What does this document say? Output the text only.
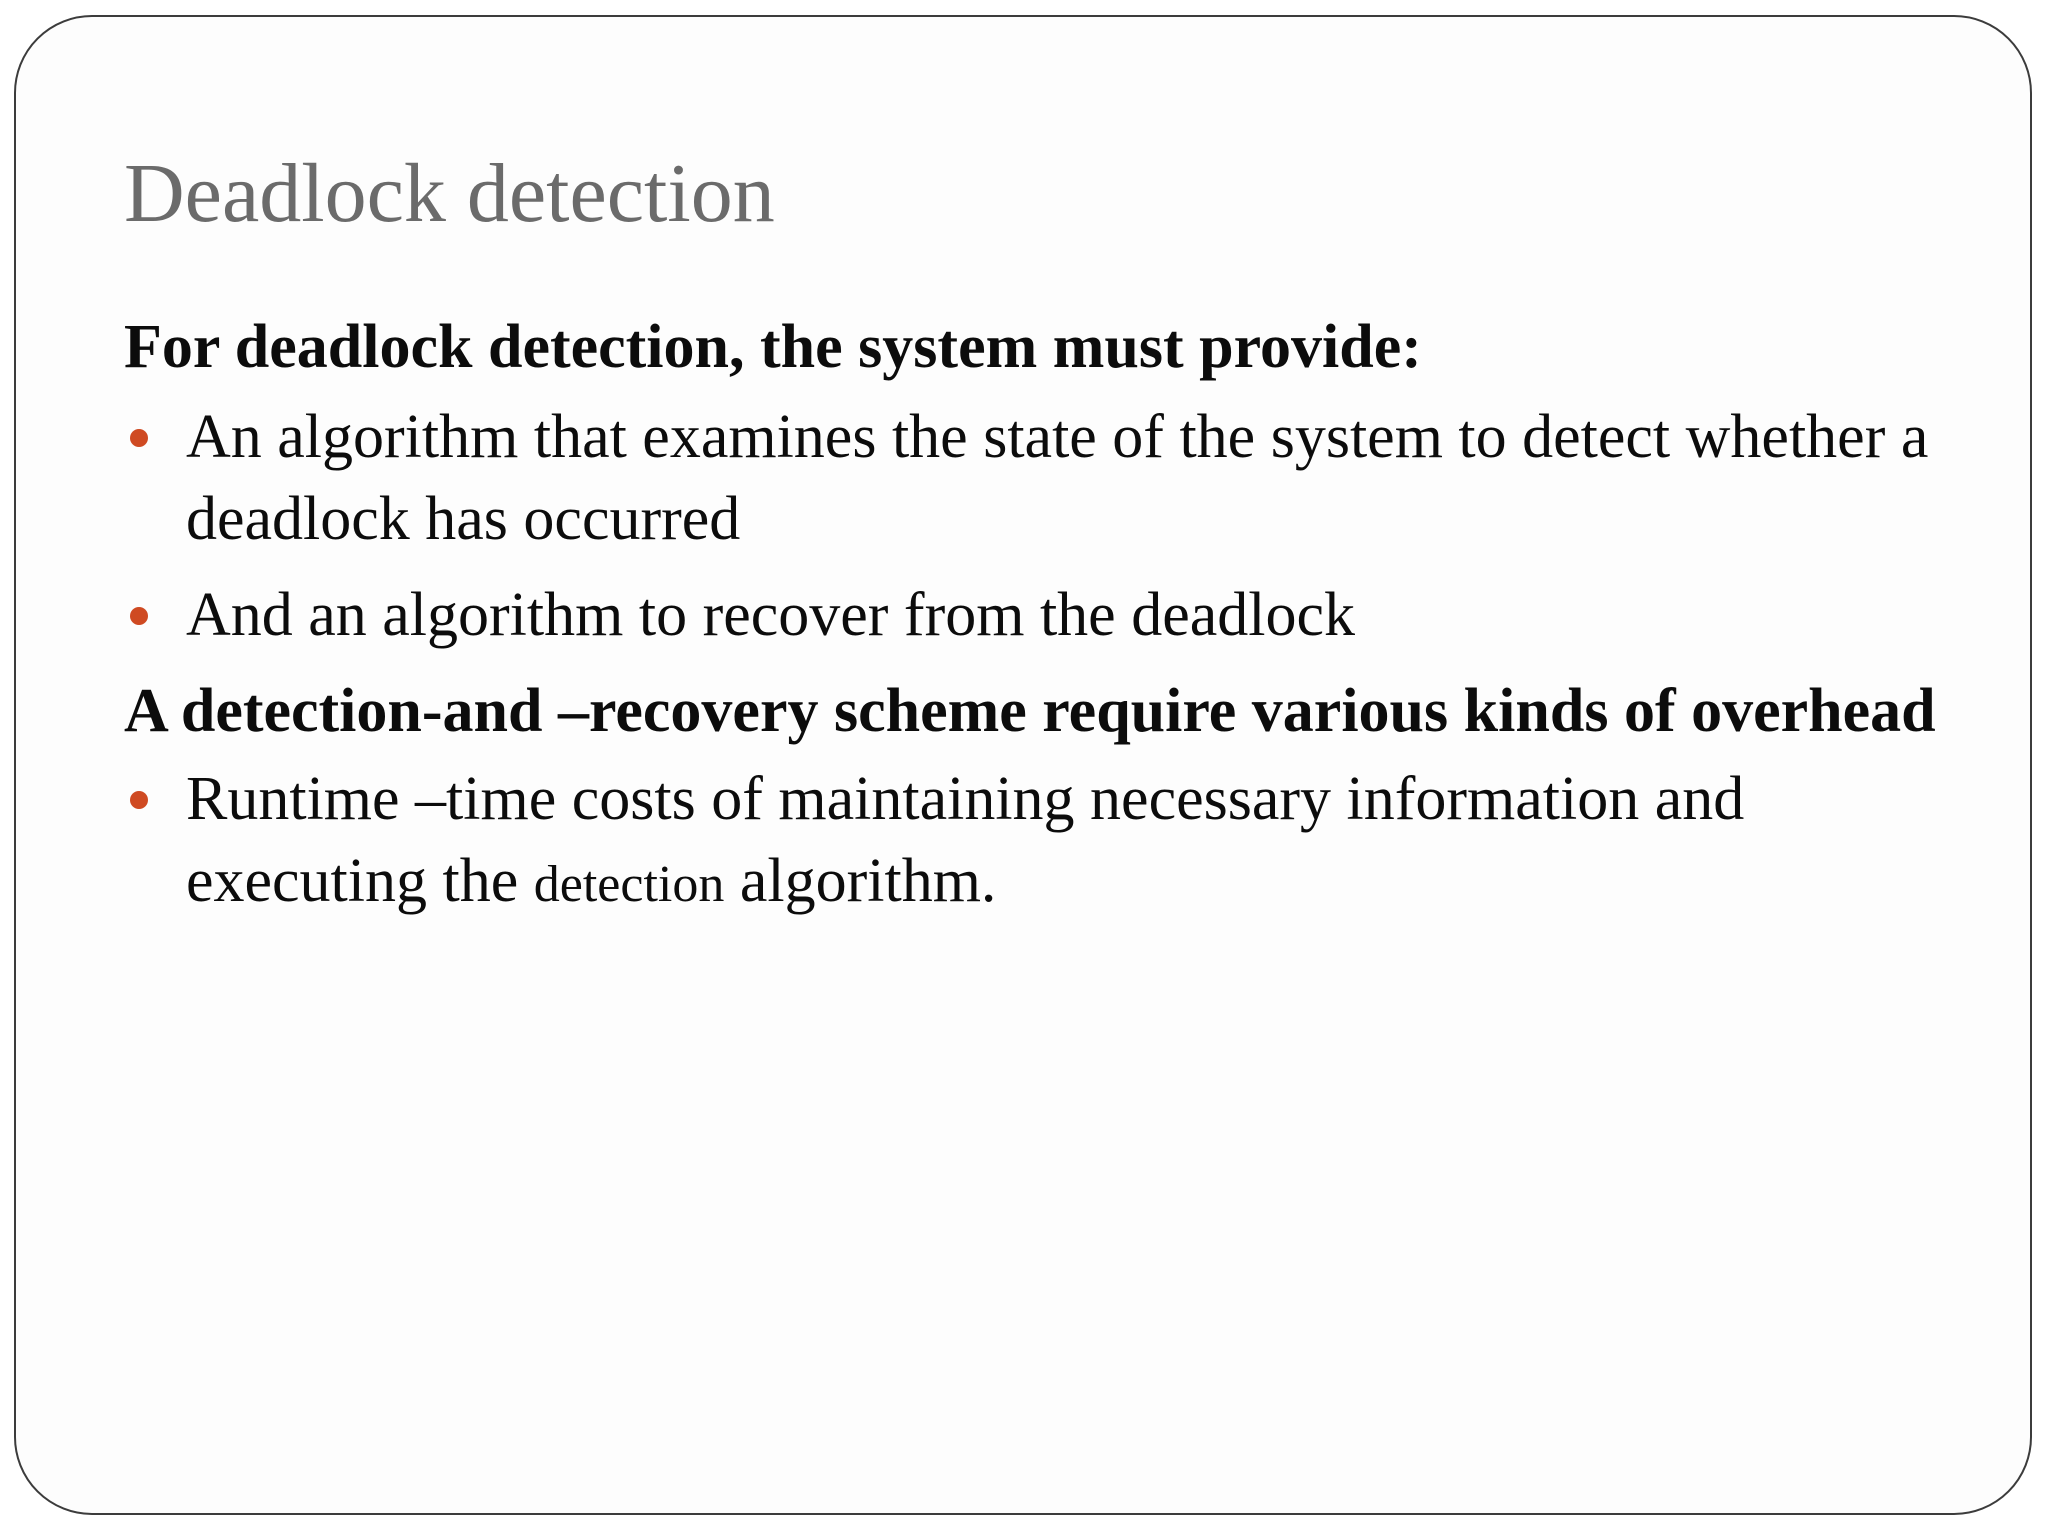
Deadlock detection

For deadlock detection, the system must provide:

An algorithm that examines the state of the system to detect whether a deadlock has occurred
And an algorithm to recover from the deadlock

A detection-and –recovery scheme require various kinds of overhead

Runtime –time costs of maintaining necessary information and executing the detection algorithm.
